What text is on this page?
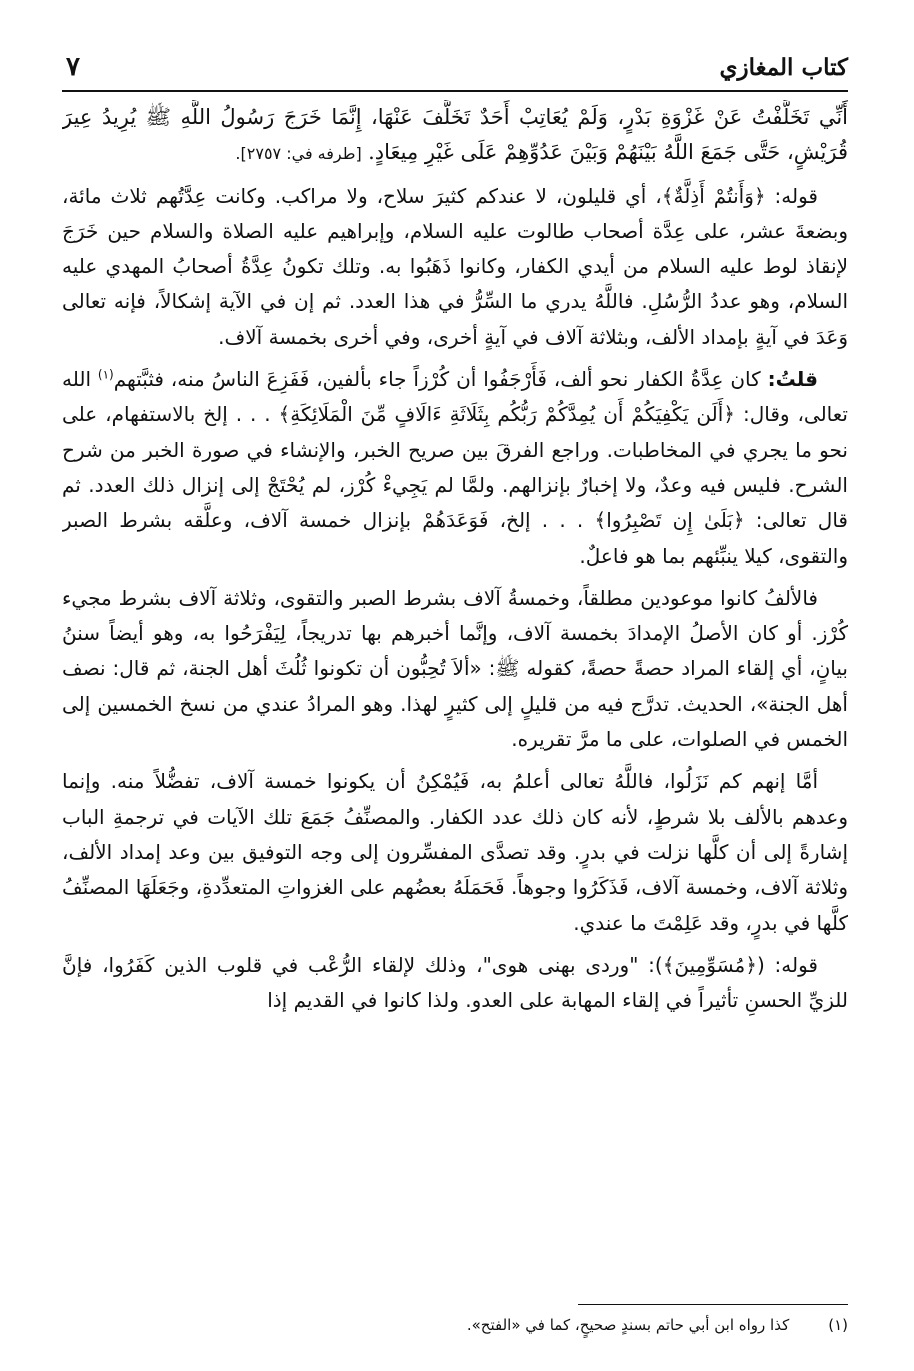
كتاب المغازي
٧

أَنِّي تَخَلَّفْتُ عَنْ غَزْوَةِ بَدْرٍ، وَلَمْ يُعَاتِبْ أَحَدٌ تَخَلَّفَ عَنْهَا، إِنَّمَا خَرَجَ رَسُولُ اللَّهِ ﷺ يُرِيدُ عِيرَ قُرَيْشٍ، حَتَّى جَمَعَ اللَّهُ بَيْنَهُمْ وَبَيْنَ عَدُوِّهِمْ عَلَى غَيْرِ مِيعَادٍ. [طرفه في: ٢٧٥٧].

قوله: ﴿وَأَنتُمْ أَذِلَّةٌ﴾، أي قليلون، لا عندكم كثيرَ سلاح، ولا مراكب. وكانت عِدَّتُهم ثلاث مائة، وبضعةَ عشر، على عِدَّة أصحاب طالوت عليه السلام، وإبراهيم عليه الصلاة والسلام حين خَرَجَ لإنقاذ لوط عليه السلام من أيدي الكفار، وكانوا ذَهَبُوا به. وتلك تكونُ عِدَّةُ أصحابُ المهدي عليه السلام، وهو عددُ الرُّسُلِ. فاللَّهُ يدري ما السِّرُّ في هذا العدد. ثم إن في الآية إشكالاً، فإنه تعالى وَعَدَ في آيةٍ بإمداد الألف، وبثلاثة آلاف في آيةٍ أخرى، وفي أخرى بخمسة آلاف.

قلتُ: كان عِدَّةُ الكفار نحو ألف، فَأَرْجَفُوا أن كُرْزاً جاء بألفين، فَفَزِعَ الناسُ منه، فثبَّتهم$^{(١)}$ الله تعالى، وقال: ﴿أَلَن يَكْفِيَكُمْ أَن يُمِدَّكُمْ رَبُّكُم بِثَلَاثَةِ ءَالَافٍ مِّنَ الْمَلَائِكَةِ﴾ . . . إلخ بالاستفهام، على نحو ما يجري في المخاطبات. وراجع الفرقَ بين صريح الخبر، والإنشاء في صورة الخبر من شرح الشرح. فليس فيه وعدٌ، ولا إخبارٌ بإنزالهم. ولمَّا لم يَجِيءْ كُرْز، لم يُحْتَجْ إلى إنزال ذلك العدد. ثم قال تعالى: ﴿بَلَىٰ إِن تَصْبِرُوا﴾ . . . إلخ، فَوَعَدَهُمْ بإنزال خمسة آلاف، وعلَّقه بشرط الصبر والتقوى، كيلا ينبِّئهم بما هو فاعلٌ.

فالألفُ كانوا موعودين مطلقاً، وخمسةُ آلاف بشرط الصبر والتقوى، وثلاثة آلاف بشرط مجيء كُرْز. أو كان الأصلُ الإمدادَ بخمسة آلاف، وإنَّما أخبرهم بها تدريجاً، لِيَفْرَحُوا به، وهو أيضاً سننُ بيانٍ، أي إلقاء المراد حصةً حصةً، كقوله ﷺ: «ألاَ تُحِبُّون أن تكونوا ثُلُثَ أهل الجنة، ثم قال: نصف أهل الجنة»، الحديث. تدرَّج فيه من قليلٍ إلى كثيرٍ لهذا. وهو المرادُ عندي من نسخ الخمسين إلى الخمس في الصلوات، على ما مرَّ تقريره.

أمَّا إنهم كم نَزَلُوا، فاللَّهُ تعالى أعلمُ به، فَيُمْكِنُ أن يكونوا خمسة آلاف، تفضُّلاً منه. وإنما وعدهم بالألف بلا شرطٍ، لأنه كان ذلك عدد الكفار. والمصنِّفُ جَمَعَ تلك الآيات في ترجمةِ الباب إشارةً إلى أن كلَّها نزلت في بدرٍ. وقد تصدَّى المفسِّرون إلى وجه التوفيق بين وعد إمداد الألف، وثلاثة آلاف، وخمسة آلاف، فَذَكَرُوا وجوهاً. فَحَمَلَهُ بعضُهم على الغزواتِ المتعدِّدةِ، وجَعَلَهَا المصنِّفُ كلَّها في بدرٍ، وقد عَلِمْتَ ما عندي.

قوله: (﴿مُسَوِّمِينَ﴾): "وردى بهنى هوى"، وذلك لإلقاء الرُّعْب في قلوب الذين كَفَرُوا، فإنَّ للزيِّ الحسنِ تأثيراً في إلقاء المهابة على العدو. ولذا كانوا في القديم إذا

(١) كذا رواه ابن أبي حاتم بسندٍ صحيحٍ، كما في «الفتح».
